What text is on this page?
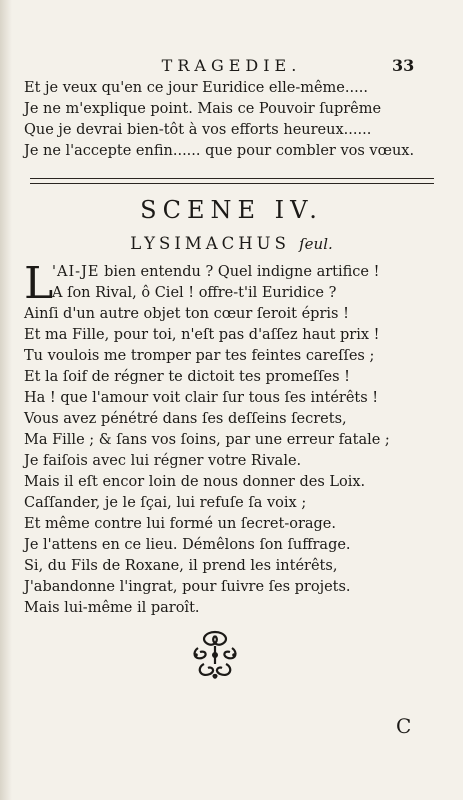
TRAGEDIE.	33
Et je veux qu'en ce jour Euridice elle-même.....
Je ne m'explique point. Mais ce Pouvoir ſuprême
Que je devrai bien-tôt à vos efforts heureux......
Je ne l'accepte enfin...... que pour combler vos vœux.
SCENE IV.
LYSIMACHUS ſeul.
L
'AI-JE bien entendu ? Quel indigne artifice !
A ſon Rival, ô Ciel ! offre-t'il Euridice ?
Ainſi d'un autre objet ton cœur ſeroit épris !
Et ma Fille, pour toi, n'eſt pas d'aſſez haut prix !
Tu voulois me tromper par tes feintes careſſes ;
Et la ſoif de régner te dictoit tes promeſſes !
Ha ! que l'amour voit clair ſur tous ſes intérêts !
Vous avez pénétré dans ſes deſſeins ſecrets,
Ma Fille ; & ſans vos ſoins, par une erreur fatale ;
Je faiſois avec lui régner votre Rivale.
Mais il eſt encor loin de nous donner des Loix.
Caſſander, je le ſçai, lui refuſe ſa voix ;
Et même contre lui formé un ſecret-orage.
Je l'attens en ce lieu. Démêlons ſon ſuffrage.
Si, du Fils de Roxane, il prend les intérêts,
J'abandonne l'ingrat, pour ſuivre ſes projets.
Mais lui-même il paroît.
C
